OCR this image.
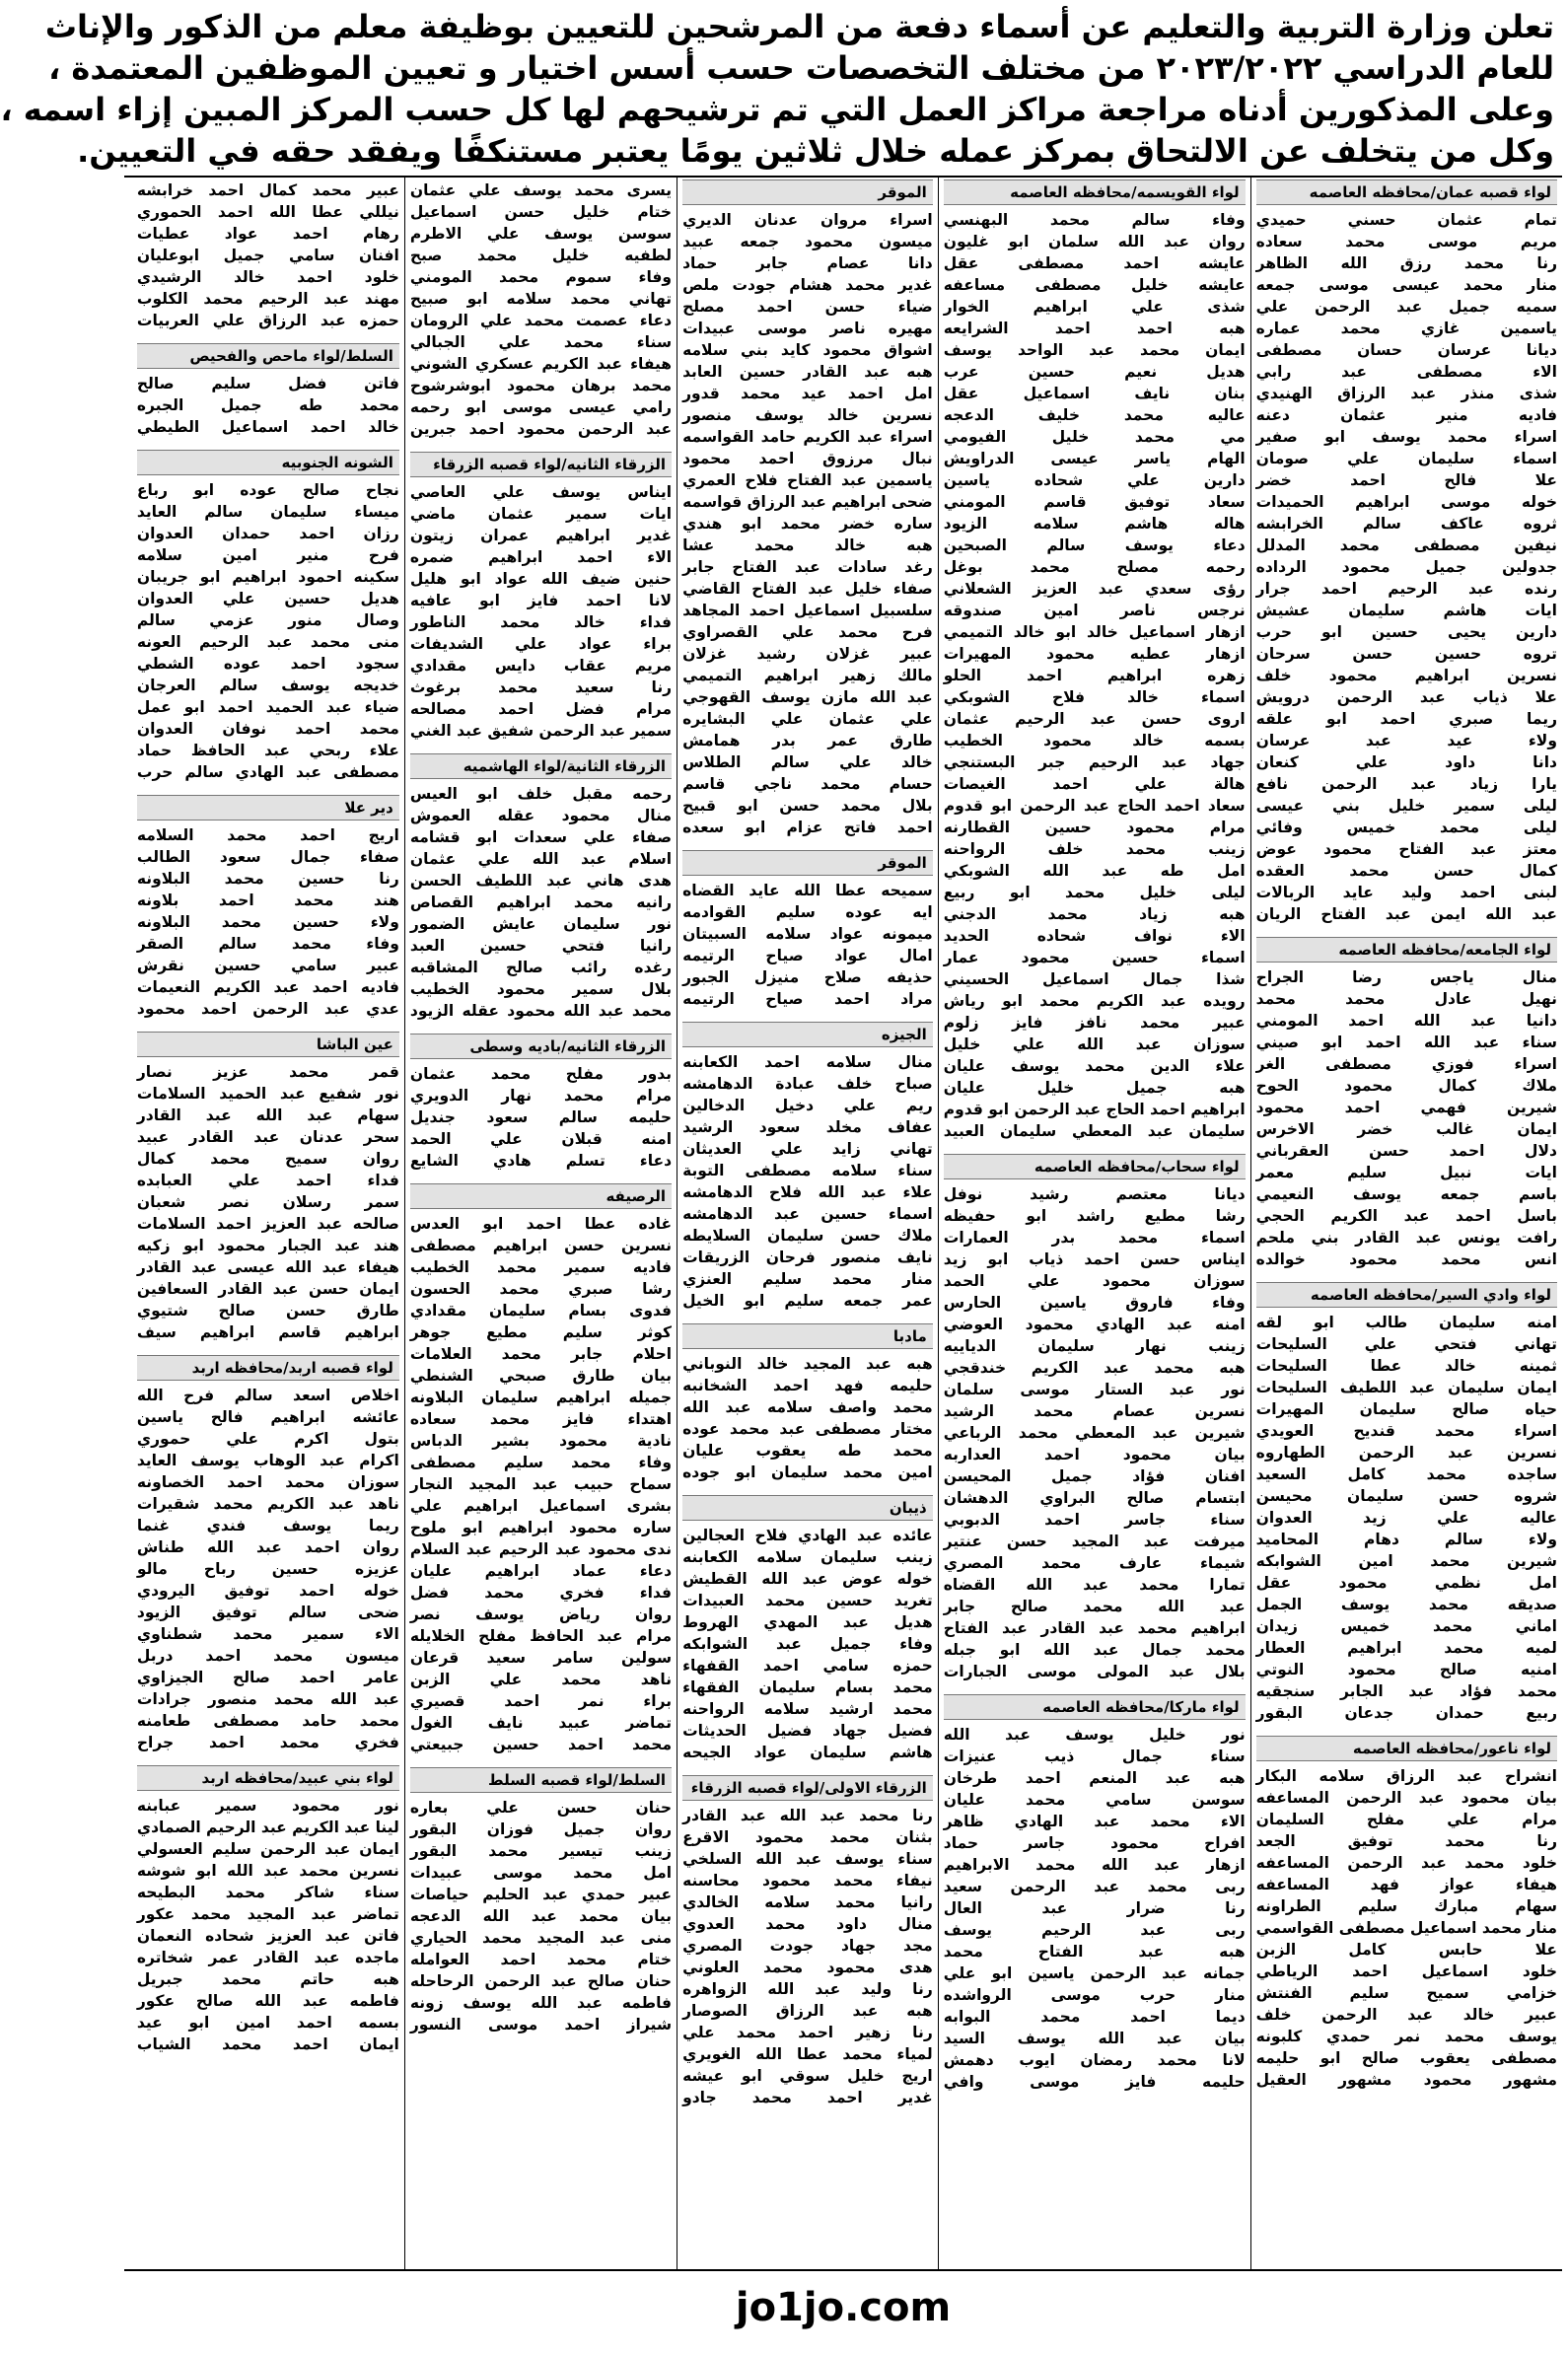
تعلن وزارة التربية والتعليم عن أسماء دفعة من المرشحين للتعيين بوظيفة معلم من الذكور والإناث
للعام الدراسي ٢٠٢٣/٢٠٢٢ من مختلف التخصصات حسب أسس اختيار و تعيين الموظفين المعتمدة ،
وعلى المذكورين أدناه مراجعة مراكز العمل التي تم ترشيحهم لها كل حسب المركز المبين إزاء اسمه ،
وكل من يتخلف عن الالتحاق بمركز عمله خلال ثلاثين يومًا يعتبر مستنكفًا ويفقد حقه في التعيين.
لواء قصبه عمان/محافظه العاصمه
تمام عثمان حسني حميدي
مريم موسى محمد سعاده
رنا محمد رزق الله الظاهر
منار محمد عيسى موسى جمعه
سميه جميل عبد الرحمن علي
ياسمين غازي محمد عماره
ديانا عرسان حسان مصطفى
الاء مصطفى عبد رابي
شذى منذر عبد الرزاق الهنيدي
فاديه منير عثمان دعنه
اسراء محمد يوسف ابو صفير
اسماء سليمان علي صومان
علا فالح احمد خضر
خوله موسى ابراهيم الحميدات
ثروه عاكف سالم الخرابشه
نيفين مصطفى محمد المدلل
جدولين جميل محمود الرداده
رنده عبد الرحيم احمد جرار
ايات هاشم سليمان عشيش
دارين يحيى حسين ابو حرب
تروه حسين حسن سرحان
نسرين ابراهيم محمود خلف
علا ذياب عبد الرحمن درويش
ريما صبري احمد ابو علقه
ولاء عيد عبد عرسان
دانا داود علي كنعان
يارا زياد عبد الرحمن نافع
ليلى سمير خليل بني عيسى
ليلى محمد خميس وفائي
معتز عبد الفتاح محمود عوض
كمال حسن محمد العقده
لبنى احمد وليد عايد الربالات
عبد الله ايمن عبد الفتاح الريان
لواء الجامعه/محافظه العاصمه
منال ياجس رضا الجراح
نهيل عادل محمد محمد
دانيا عبد الله احمد المومني
سناء عبد الله احمد ابو صيني
اسراء فوزي مصطفى الغر
ملاك كمال محمود الحوح
شيرين فهمي احمد محمود
ايمان غالب خضر الاخرس
دلال احمد حسن العقرباني
ايات نبيل سليم معمر
باسم جمعه يوسف النعيمي
باسل احمد عبد الكريم الحجي
رافت يونس عبد القادر بني ملحم
انس محمد محمود خوالده
لواء وادي السير/محافظه العاصمه
امنه سليمان طالب ابو لقه
تهاني فتحي علي السليحات
ثمينه خالد عطا السليحات
ايمان سليمان عبد اللطيف السليحات
حياه صالح سليمان المهيرات
اسراء محمد قنديح العويدي
نسرين عبد الرحمن الطهاروه
ساجده محمد كامل السعيد
شروه حسن سليمان محيسن
عاليه علي زيد العدوان
ولاء سالم دهام المحاميد
شيرين محمد امين الشوابكه
امل نظمي محمود عقل
صديقه محمد يوسف الجمل
اماني محمد خميس زيدان
لميه محمد ابراهيم العطار
امنيه صالح محمود النوتي
محمد فؤاد عبد الجابر سنجقيه
ربيع حمدان جدعان البقور
لواء ناعور/محافظه العاصمه
انشراح عبد الرزاق سلامه البكار
بيان محمود عبد الرحمن المساعفه
مرام علي مفلح السليمان
رنا محمد توفيق الجعد
خلود محمد عبد الرحمن المساعفه
هيفاء عواز فهد المساعفه
سهام مبارك سليم الطراونه
منار محمد اسماعيل مصطفى القواسمي
علا حابس كامل الزبن
خلود اسماعيل احمد الرياطي
خزامي سميح سليم الفنتش
عبير خالد عبد الرحمن خلف
يوسف محمد نمر حمدي كلبونه
مصطفى يعقوب صالح ابو حليمه
مشهور محمود مشهور العقيل
لواء القويسمه/محافظه العاصمه
وفاء سالم محمد البهنسي
روان عبد الله سلمان ابو غليون
عايشه احمد مصطفى عقل
عايشه خليل مصطفى مساعفه
شذى علي ابراهيم الخوار
هبه احمد احمد الشرايعه
ايمان محمد عبد الواحد يوسف
هديل نعيم حسين عرب
بنان نايف اسماعيل عقل
عاليه محمد خليف الدعجه
مي محمد خليل الفيومي
الهام ياسر عيسى الدراويش
دارين علي شحاده ياسين
سعاد توفيق قاسم المومني
هاله هاشم سلامه الزيود
دعاء يوسف سالم الصبحين
رحمه مصلح محمد بوغل
رؤى سعدي عبد العزيز الشعلاني
نرجس ناصر امين صندوقه
ازهار اسماعيل خالد ابو خالد التميمي
ازهار عطيه محمود المهيرات
زهره ابراهيم احمد الحلو
اسماء خالد فلاح الشوبكي
اروى حسن عبد الرحيم عثمان
بسمه خالد محمود الخطيب
جهاد عبد الرحيم جبر البستنجي
هالة علي احمد الغيصات
سعاد احمد الحاج عبد الرحمن ابو قدوم
مرام محمود حسين القطارنه
زينب محمد خلف الرواحنه
امل طه عبد الله الشوبكي
ليلى خليل محمد ابو ربيع
هبه زياد محمد الدجني
الاء نواف شحاده الحديد
اسماء حسين محمود عمار
شذا جمال اسماعيل الحسيني
رويده عبد الكريم محمد ابو رياش
عبير محمد نافز فايز زلوم
سوزان عبد الله علي خليل
علاء الدين محمد يوسف عليان
هبه جميل خليل عليان
ابراهيم احمد الحاج عبد الرحمن ابو قدوم
سليمان عبد المعطي سليمان العبيد
لواء سحاب/محافظه العاصمه
ديانا معتصم رشيد نوفل
رشا مطيع راشد ابو حفيظه
اسماء محمد بدر العمارات
ايناس حسن احمد ذياب ابو زيد
سوزان محمود علي الحمد
وفاء فاروق ياسين الحارس
امنه عبد الهادي محمود العوضي
زينب نهار سليمان الدياييه
هبه محمد عبد الكريم خندقجي
نور عبد الستار موسى سلمان
نسرين عصام محمد الرشيد
شيرين عبد المعطي محمد الرباعي
بيان محمود احمد العداربه
افنان فؤاد جميل المحيسن
ابتسام صالح البراوي الدهشان
سناء جاسر احمد الدبوبي
ميرفت عبد المجيد حسن عنتير
شيماء عارف محمد المصري
تمارا محمد عبد الله القضاه
عبد الله محمد صالح جابر
ابراهيم محمد عبد القادر عبد الفتاح
محمد جمال عبد الله ابو جبله
بلال عبد المولى موسى الجبارات
لواء ماركا/محافظه العاصمه
نور خليل يوسف عبد الله
سناء جمال ذيب عنيزات
هبه عبد المنعم احمد طرخان
سوسن سامي محمد عليان
الاء محمد عبد الهادي ظاهر
افراح محمود جاسر حماد
ازهار عبد الله محمد الابراهيم
ربى محمد عبد الرحمن سعيد
رنا ضرار عبد العال
ربى عبد الرحيم يوسف
هبه عبد الفتاح محمد
جمانه عبد الرحمن ياسين ابو علي
منار حرب موسى الرواشده
ديما احمد محمد البوابه
بيان عبد الله يوسف السيد
لانا محمد رمضان ايوب دهمش
حليمه فايز موسى وافي
الموقر
اسراء مروان عدنان الديري
ميسون محمود جمعه عبيد
دانا عصام جابر حماد
غدير محمد هشام جودت ملص
ضياء حسن احمد مصلح
مهيره ناصر موسى عبيدات
اشواق محمود كايد بني سلامه
هبه عبد القادر حسين العابد
امل احمد عيد محمد قدور
نسرين خالد يوسف منصور
اسراء عبد الكريم حامد القواسمه
نبال مرزوق احمد محمود
ياسمين عبد الفتاح فلاح العمري
ضحى ابراهيم عبد الرزاق قواسمه
ساره خضر محمد ابو هندي
هبه خالد محمد عشا
رغد سادات عبد الفتاح جابر
صفاء خليل عبد الفتاح القاضي
سلسبيل اسماعيل احمد المجاهد
فرح محمد علي القصراوي
عبير غزلان رشيد غزلان
مالك زهير ابراهيم التميمي
عبد الله مازن يوسف القهوجي
علي عثمان علي البشايره
طارق عمر بدر همامش
خالد علي سالم الطلاس
حسام محمد ناجي قاسم
بلال محمد حسن ابو قبيح
احمد فاتح عزام ابو سعده
الموقر
سميحه عطا الله عايد القضاه
ايه عوده سليم القوادمه
ميمونه عواد سلامه السبيتان
امال عواد صياح الرتيمه
حذيفه صلاح منيزل الجبور
مراد احمد صياح الرتيمه
الجيزه
منال سلامه احمد الكعابنه
صباح خلف عبادة الدهامشه
ريم علي دخيل الدخالين
عفاف مخلد سعود الرشيد
تهاني زايد علي العديثان
سناء سلامه مصطفى التوبة
علاء عبد الله فلاح الدهامشه
اسماء حسين عبد الدهامشه
ملاك حسن سليمان السلايطه
نايف منصور فرحان الزريقات
منار محمد سليم العنزي
عمر جمعه سليم ابو الخيل
مادبا
هبه عبد المجيد خالد النوباني
حليمه فهد احمد الشخانبه
محمد واصف سلامه عبد الله
مختار مصطفى عبد محمد عوده
محمد طه يعقوب عليان
امين محمد سليمان ابو جوده
ذيبان
عائده عبد الهادي فلاح العجالين
زينب سليمان سلامه الكعابنه
خوله عوض عبد الله القطيش
تغريد حسين محمد العبيدات
هديل عبد المهدي الهروط
وفاء جميل عبد الشوابكه
حمزه سامي احمد القفهاء
محمد بسام سليمان الفقهاء
محمد ارشيد سلامه الرواحنه
فضيل جهاد فضيل الحديثات
هاشم سليمان عواد الجيحه
الزرقاء الاولى/لواء قصبه الزرقاء
رنا محمد عبد الله عبد القادر
بثنان محمد محمود الاقرع
سناء يوسف عبد الله السلخي
نيفاء محمد محمود محاسنه
رانيا محمد سلامه الخالدي
منال داود محمد العدوي
مجد جهاد جودت المصري
هدى محمود محمد العلوني
رنا وليد عبد الله الزواهره
هبه عبد الرزاق الصوصار
رنا زهير احمد محمد علي
لمياء محمد عطا الله الغويري
اريج خليل سوقي ابو عيشه
غدير احمد محمد جادو
يسرى محمد يوسف علي عثمان
ختام خليل حسن اسماعيل
سوسن يوسف علي الاطرم
لطفيه خليل محمد صبح
وفاء سموم محمد المومني
تهاني محمد سلامه ابو صبيح
دعاء عصمت محمد علي الرومان
سناء محمد علي الجبالي
هيفاء عبد الكريم عسكري الشوني
محمد برهان محمود ابوشرشوح
رامي عيسى موسى ابو رحمه
عبد الرحمن محمود احمد جبرين
الزرقاء الثانيه/لواء قصبه الزرقاء
ايناس يوسف علي العاصي
ايات سمير عثمان ماضي
غدير ابراهيم عمران زيتون
الاء احمد ابراهيم ضمره
حنين ضيف الله عواد ابو هليل
لانا احمد فايز ابو عافيه
فداء خالد محمد الناطور
براء عواد علي الشديفات
مريم عقاب دايس مقدادي
رنا سعيد محمد برغوث
مرام فضل احمد مصالحه
سمير عبد الرحمن شفيق عبد الغني
الزرقاء الثانية/لواء الهاشميه
رحمه مقبل خلف ابو العيس
منال محمود عقله العموش
صفاء علي سعدات ابو قشامه
اسلام عبد الله علي عثمان
هدى هاني عبد اللطيف الحسن
رانيه محمد ابراهيم القصاص
نور سليمان عايش الضمور
رانيا فتحي حسين العبد
رغده رائب صالح المشاقبه
بلال سمير محمود الخطيب
محمد عبد الله محمود عقله الزيود
الزرقاء الثانيه/باديه وسطى
بدور مفلح محمد عثمان
مرام محمد نهار الدويري
حليمه سالم سعود جنديل
امنه قبلان علي الحمد
دعاء تسلم هادي الشايع
الرصيفه
غاده عطا احمد ابو العدس
نسرين حسن ابراهيم مصطفى
فاديه سمير محمد الخطيب
رشا صبري محمد الحسون
فدوى بسام سليمان مقدادي
كوثر سليم مطيع جوهر
احلام جابر محمد العلامات
بيان طارق صبحي الشنطي
جميله ابراهيم سليمان البلاونه
اهتداء فايز محمد سعاده
نادية محمود بشير الدباس
وفاء محمد سليم مصطفى
سماح حبيب عبد المجيد النجار
بشرى اسماعيل ابراهيم علي
ساره محمود ابراهيم ابو ملوح
ندى محمود عبد الرحيم عبد السلام
دعاء عماد ابراهيم عليان
فداء فخري محمد فضل
روان رياض يوسف نصر
مرام عبد الحافظ مفلح الخلايله
سولين سامر سعيد قرعان
ناهد محمد علي الزبن
براء نمر احمد قصيري
تماضر عبيد نايف الغول
محمد احمد حسين جبيعتي
السلط/لواء قصبه السلط
حنان حسن علي بعاره
روان جميل فوزان البقور
زينب تيسير محمد البقور
امل محمد موسى عبيدات
عبير حمدي عبد الحليم حياصات
بيان محمد عبد الله الدعجه
منى عبد المجيد محمد الحياري
ختام محمد احمد العوامله
حنان صالح عبد الرحمن الرحاحله
فاطمه عبد الله يوسف زونه
شيراز احمد موسى النسور
عبير محمد كمال احمد خرابشه
نيللي عطا الله احمد الحموري
رهام احمد عواد عطيات
افنان سامي جميل ابوعليان
خلود احمد خالد الرشيدي
مهند عبد الرحيم محمد الكلوب
حمزه عبد الرزاق علي العربيات
السلط/لواء ماحص والفحيص
فاتن فضل سليم صالح
محمد طه جميل الجبره
خالد احمد اسماعيل الطيطي
الشونه الجنوبيه
نجاح صالح عوده ابو رباع
ميساء سليمان سالم العايد
رزان احمد حمدان العدوان
فرح منير امين سلامه
سكينه احمود ابراهيم ابو جريبان
هديل حسين علي العدوان
وصال منور عزمي سالم
منى محمد عبد الرحيم العونه
سجود احمد عوده الشطي
خديجه يوسف سالم العرجان
ضياء عبد الحميد احمد ابو عمل
محمد احمد نوفان العدوان
علاء ربحي عبد الحافظ حماد
مصطفى عبد الهادي سالم حرب
دير علا
اريج احمد محمد السلامه
صفاء جمال سعود الطالب
رنا حسين محمد البلاونه
هند محمد احمد بلاونه
ولاء حسين محمد البلاونه
وفاء محمد سالم الصقر
عبير سامي حسين نقرش
فاديه احمد عبد الكريم النعيمات
عدي عبد الرحمن احمد محمود
عين الباشا
قمر محمد عزيز نصار
نور شفيع عبد الحميد السلامات
سهام عبد الله عبد القادر
سحر عدنان عبد القادر عبيد
روان سميح محمد كمال
فداء احمد علي العبابده
سمر رسلان نصر شعبان
صالحه عبد العزيز احمد السلامات
هند عبد الجبار محمود ابو زكيه
هيفاء عبد الله عيسى عبد القادر
ايمان حسن عبد القادر السعافين
طارق حسن صالح شتيوي
ابراهيم قاسم ابراهيم سيف
لواء قصبه اربد/محافظه اربد
اخلاص اسعد سالم فرح الله
عائشه ابراهيم فالح ياسين
بتول اكرم علي حموري
اكرام عبد الوهاب يوسف العايد
سوزان محمد احمد الخصاونه
ناهد عبد الكريم محمد شقيرات
ريما يوسف فندي غنما
روان احمد عبد الله طناش
عزيزه حسين رباح مالو
خوله احمد توفيق اليرودي
ضحى سالم توفيق الزيود
الاء سمير محمد شطناوي
ميسون محمد احمد دربل
عامر احمد صالح الجيزاوي
عبد الله محمد منصور جرادات
محمد حامد مصطفى طعامنه
فخري محمد احمد جراح
لواء بني عبيد/محافظه اربد
نور محمود سمير عبابنه
لينا عبد الكريم عبد الرحيم الصمادي
ايمان عبد الرحمن سليم العسولي
نسرين محمد عبد الله ابو شوشه
سناء شاكر محمد البطيحه
تماضر عبد المجيد محمد عكور
فاتن عبد العزيز شحاده النعمان
ماجده عبد القادر عمر شخاتره
هبه حاتم محمد جبريل
فاطمه عبد الله صالح عكور
بسمه احمد امين ابو عيد
ايمان احمد محمد الشياب
jo1jo.com
